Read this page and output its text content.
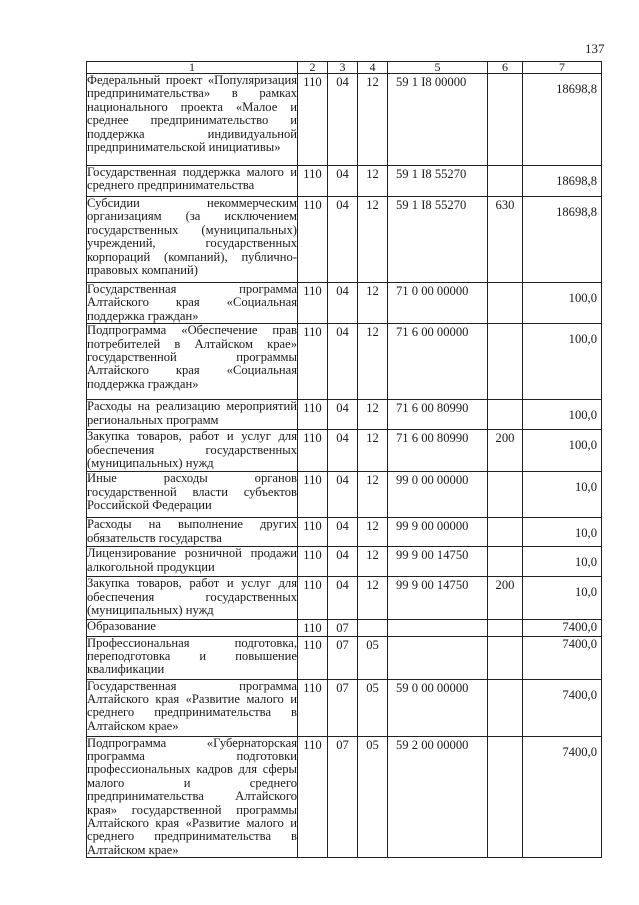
137
1	2	3	4	5	6	7
Федеральный проект «Популяризация предпринимательства» в рамках национального проекта «Малое и среднее предпринимательство и поддержка индивидуальной предпринимательской инициативы»	110	04	12	59 1 I8 00000		18698,8
Государственная поддержка малого и среднего предпринимательства	110	04	12	59 1 I8 55270		18698,8
Субсидии некоммерческим организациям (за исключением государственных (муниципальных) учреждений, государственных корпораций (компаний), публично-правовых компаний)	110	04	12	59 1 I8 55270	630	18698,8
Государственная программа Алтайского края «Социальная поддержка граждан»	110	04	12	71 0 00 00000		100,0
Подпрограмма «Обеспечение прав потребителей в Алтайском крае» государственной программы Алтайского края «Социальная поддержка граждан»	110	04	12	71 6 00 00000		100,0
Расходы на реализацию мероприятий региональных программ	110	04	12	71 6 00 80990		100,0
Закупка товаров, работ и услуг для обеспечения государственных (муниципальных) нужд	110	04	12	71 6 00 80990	200	100,0
Иные расходы органов государственной власти субъектов Российской Федерации	110	04	12	99 0 00 00000		10,0
Расходы на выполнение других обязательств государства	110	04	12	99 9 00 00000		10,0
Лицензирование розничной продажи алкогольной продукции	110	04	12	99 9 00 14750		10,0
Закупка товаров, работ и услуг для обеспечения государственных (муниципальных) нужд	110	04	12	99 9 00 14750	200	10,0
Образование	110	07				7400,0
Профессиональная подготовка, переподготовка и повышение квалификации	110	07	05			7400,0
Государственная программа Алтайского края «Развитие малого и среднего предпринимательства в Алтайском крае»	110	07	05	59 0 00 00000		7400,0
Подпрограмма «Губернаторская программа подготовки профессиональных кадров для сферы малого и среднего предпринимательства Алтайского края» государственной программы Алтайского края «Развитие малого и среднего предпринимательства в Алтайском крае»	110	07	05	59 2 00 00000		7400,0
